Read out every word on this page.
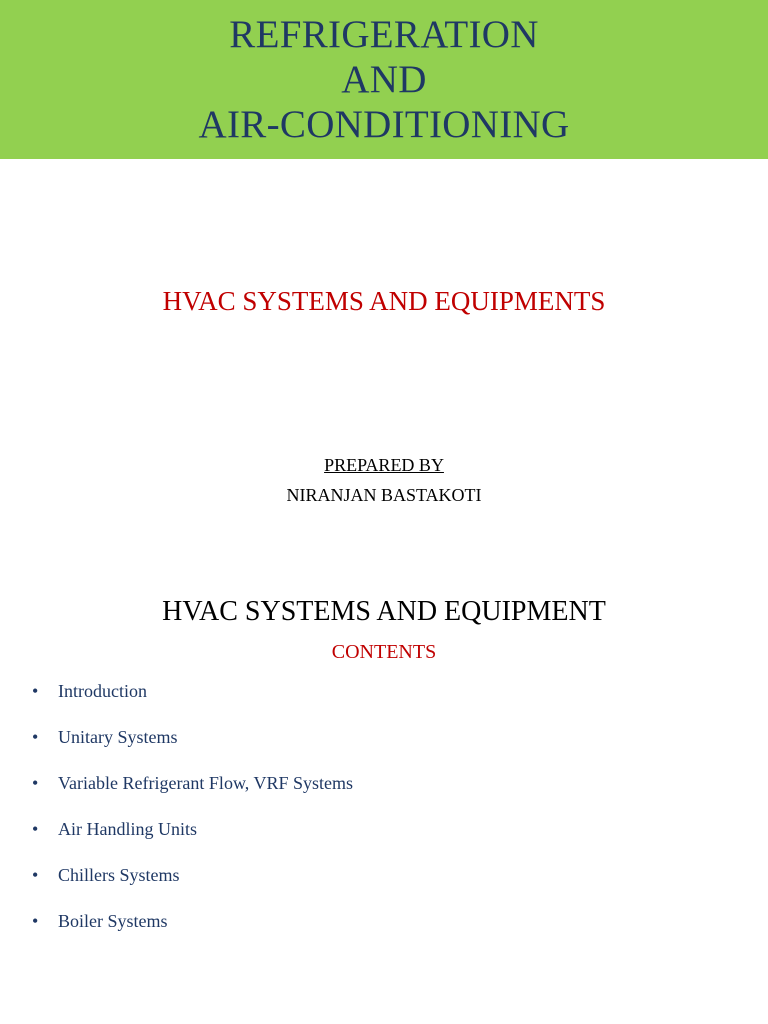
REFRIGERATION
AND
AIR-CONDITIONING
HVAC SYSTEMS AND EQUIPMENTS
PREPARED BY
NIRANJAN BASTAKOTI
HVAC SYSTEMS AND EQUIPMENT
CONTENTS
•	Introduction
•	Unitary Systems
•	Variable Refrigerant Flow, VRF Systems
•	Air Handling Units
•	Chillers Systems
•	Boiler Systems
